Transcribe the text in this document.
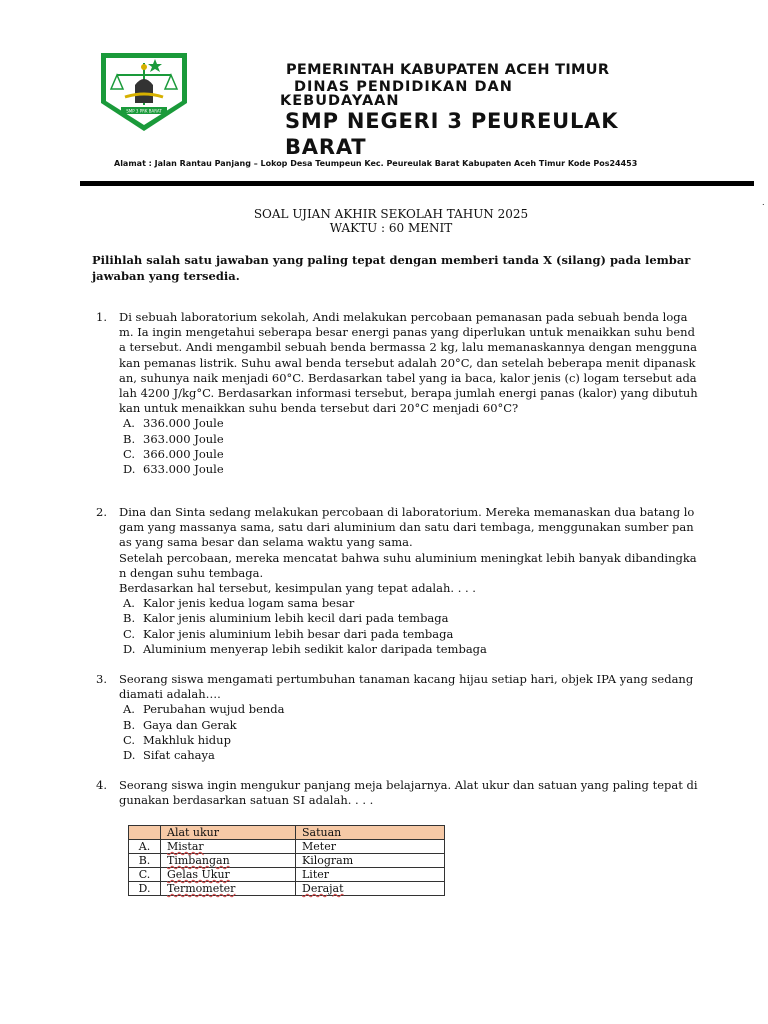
SMP 3 PRK BARAT
PEMERINTAH KABUPATEN ACEH TIMUR
DINAS PENDIDIKAN DAN KEBUDAYAAN
SMP NEGERI 3 PEUREULAK BARAT
Alamat : Jalan Rantau Panjang – Lokop Desa Teumpeun Kec. Peureulak Barat Kabupaten Aceh Timur Kode Pos24453
.
SOAL UJIAN AKHIR SEKOLAH TAHUN 2025
WAKTU : 60 MENIT
Pilihlah salah satu jawaban yang paling tepat dengan memberi tanda X (silang) pada lembar jawaban yang tersedia.
1. Di sebuah laboratorium sekolah, Andi melakukan percobaan pemanasan pada sebuah benda logam. Ia ingin mengetahui seberapa besar energi panas yang diperlukan untuk menaikkan suhu benda tersebut. Andi mengambil sebuah benda bermassa 2 kg, lalu memanaskannya dengan menggunakan pemanas listrik. Suhu awal benda tersebut adalah 20°C, dan setelah beberapa menit dipanaskan, suhunya naik menjadi 60°C. Berdasarkan tabel yang ia baca, kalor jenis (c) logam tersebut adalah 4200 J/kg°C. Berdasarkan informasi tersebut, berapa jumlah energi panas (kalor) yang dibutuhkan untuk menaikkan suhu benda tersebut dari 20°C menjadi 60°C?
A. 336.000 Joule
B. 363.000 Joule
C. 366.000 Joule
D. 633.000 Joule
2. Dina dan Sinta sedang melakukan percobaan di laboratorium. Mereka memanaskan dua batang logam yang massanya sama, satu dari aluminium dan satu dari tembaga, menggunakan sumber panas yang sama besar dan selama waktu yang sama.
Setelah percobaan, mereka mencatat bahwa suhu aluminium meningkat lebih banyak dibandingkan dengan suhu tembaga.
Berdasarkan hal tersebut, kesimpulan yang tepat adalah. . . .
A. Kalor jenis kedua logam sama besar
B. Kalor jenis aluminium lebih kecil dari pada tembaga
C. Kalor jenis aluminium lebih besar dari pada tembaga
D. Aluminium menyerap lebih sedikit kalor daripada tembaga
3. Seorang siswa mengamati pertumbuhan tanaman kacang hijau setiap hari, objek IPA yang sedang diamati adalah….
A. Perubahan wujud benda
B. Gaya dan Gerak
C. Makhluk hidup
D. Sifat cahaya
4. Seorang siswa ingin mengukur panjang meja belajarnya. Alat ukur dan satuan yang paling tepat digunakan berdasarkan satuan SI adalah. . . .
	Alat ukur	Satuan
A.	Mistar	Meter
B.	Timbangan	Kilogram
C.	Gelas Ukur	Liter
D.	Termometer	Derajat
